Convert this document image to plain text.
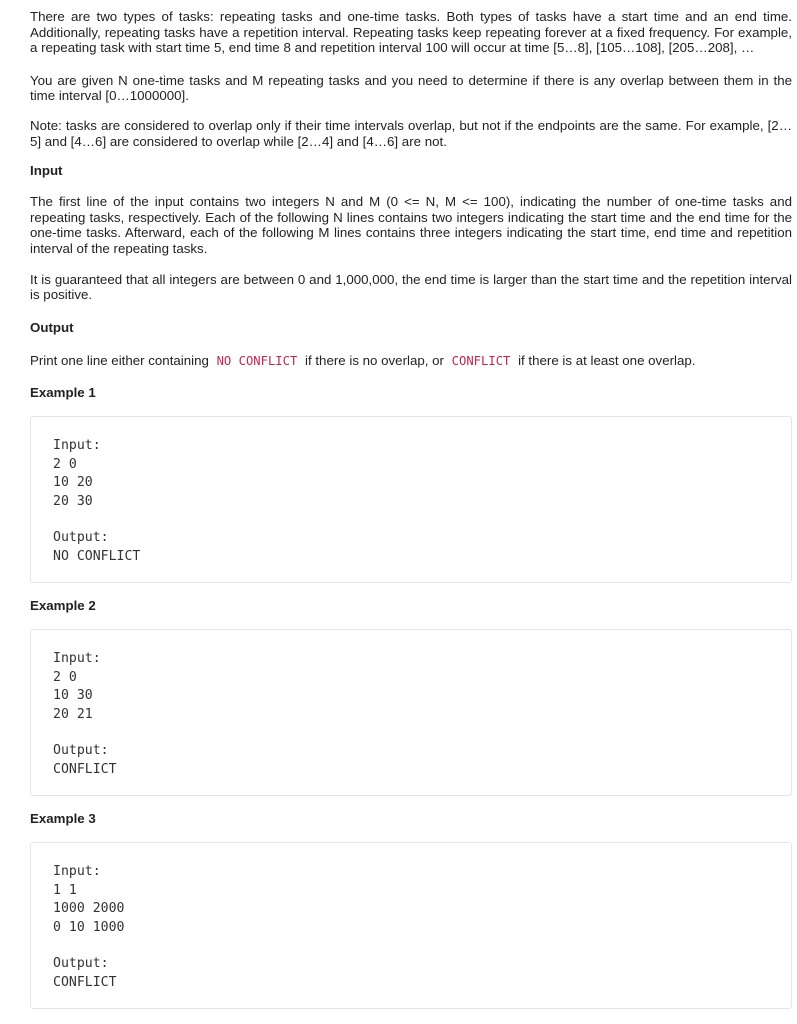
There are two types of tasks: repeating tasks and one-time tasks. Both types of tasks have a start time and an end time. Additionally, repeating tasks have a repetition interval. Repeating tasks keep repeating forever at a fixed frequency. For example, a repeating task with start time 5, end time 8 and repetition interval 100 will occur at time [5…8], [105…108], [205…208], …

You are given N one-time tasks and M repeating tasks and you need to determine if there is any overlap between them in the time interval [0…1000000].

Note: tasks are considered to overlap only if their time intervals overlap, but not if the endpoints are the same. For example, [2…5] and [4…6] are considered to overlap while [2…4] and [4…6] are not.

Input

The first line of the input contains two integers N and M (0 <= N, M <= 100), indicating the number of one-time tasks and repeating tasks, respectively. Each of the following N lines contains two integers indicating the start time and the end time for the one-time tasks. Afterward, each of the following M lines contains three integers indicating the start time, end time and repetition interval of the repeating tasks.

It is guaranteed that all integers are between 0 and 1,000,000, the end time is larger than the start time and the repetition interval is positive.

Output

Print one line either containing NO CONFLICT if there is no overlap, or CONFLICT if there is at least one overlap.

Example 1
Input:
2 0
10 20
20 30
Output:
NO CONFLICT
Example 2
Input:
2 0
10 30
20 21
Output:
CONFLICT
Example 3
Input:
1 1
1000 2000
0 10 1000
Output:
CONFLICT
